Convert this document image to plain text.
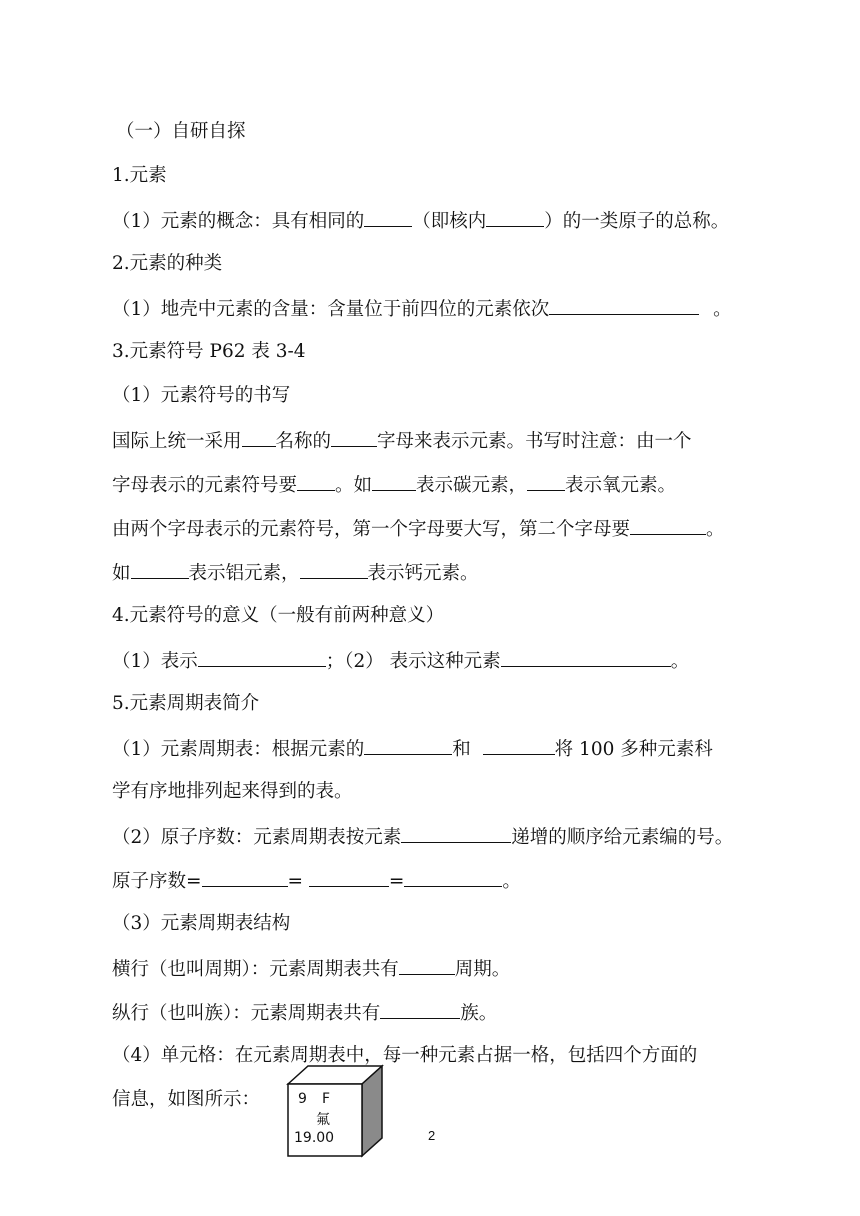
（一）自研自探
1.元素
（1）元素的概念：具有相同的	（即核内	）的一类原子的总称。
2.元素的种类
（1）地壳中元素的含量：含量位于前四位的元素依次	。
3.元素符号 P62 表 3-4
（1）元素符号的书写
国际上统一采用 名称的 字母来表示元素。书写时注意：由一个
字母表示的元素符号要 。如 表示碳元素， 表示氧元素。
由两个字母表示的元素符号，第一个字母要大写，第二个字母要	。
如	表示铝元素，	表示钙元素。
4.元素符号的意义（一般有前两种意义）
（1）表示	；（2） 表示这种元素	。
5.元素周期表简介
（1）元素周期表：根据元素的	和	将 100 多种元素科
学有序地排列起来得到的表。
（2）原子序数：元素周期表按元素	递增的顺序给元素编的号。
原子序数=	=	=	。
（3）元素周期表结构
横行（也叫周期）：元素周期表共有	周期。
纵行（也叫族）：元素周期表共有	族。
（4）单元格：在元素周期表中，每一种元素占据一格，包括四个方面的
信息，如图所示：	9 F
氟
19.00	2
